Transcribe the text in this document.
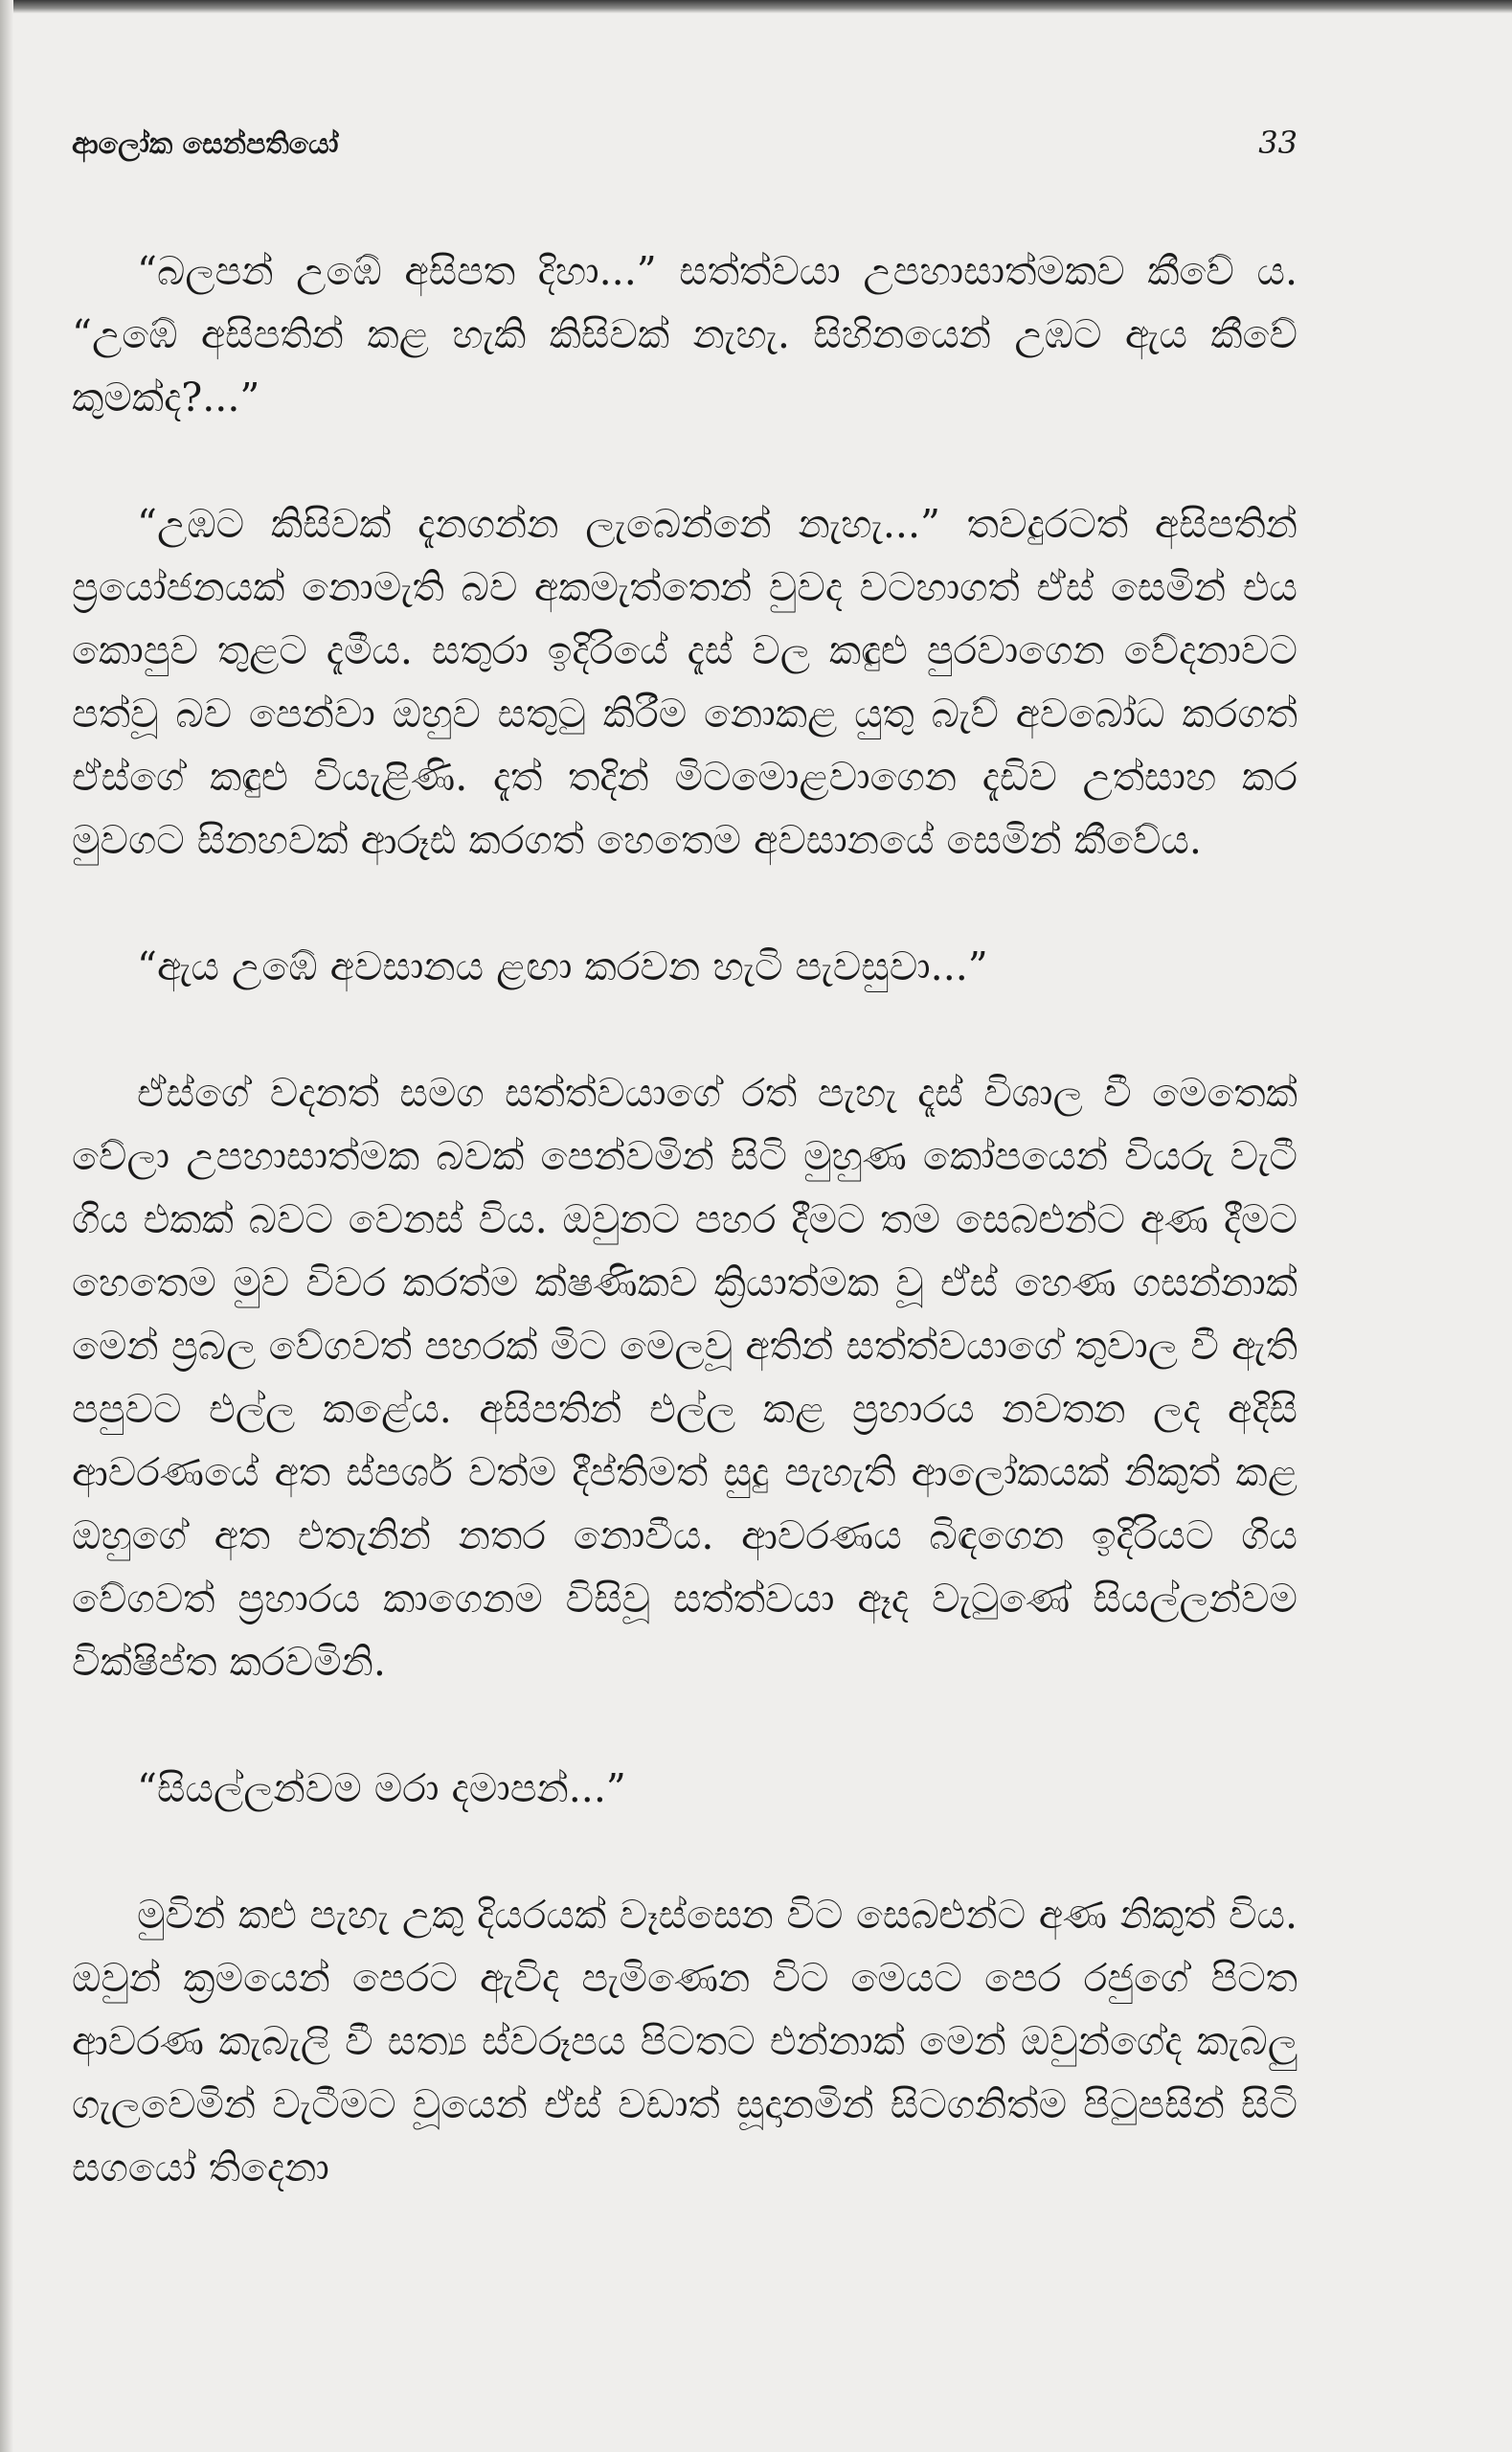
ආලෝක සෙන්පතියෝ	33

“බලපන් උඹේ අසිපත දිහා...” සත්ත්වයා උපහාසාත්මකව කීවේ ය. “උඹේ අසිපතින් කළ හැකි කිසිවක් නැහැ. සිහිනයෙන් උඹට ඇය කීවේ කුමක්ද?...”

“උඹට කිසිවක් දැනගන්න ලැබෙන්නේ නැහැ...” තවදුරටත් අසිපතින් ප්‍රයෝජනයක් නොමැති බව අකමැත්තෙන් වුවද වටහාගත් ඒස් සෙමින් එය කොපුව තුළට දැමීය. සතුරා ඉදිරියේ දැස් වල කඳුළු පුරවාගෙන වේදනාවට පත්වූ බව පෙන්වා ඔහුව සතුටු කිරීම නොකළ යුතු බැව් අවබෝධ කරගත් ඒස්ගේ කඳුළු වියැළිණි. දැත් තදින් මිටමොළවාගෙන දැඩිව උත්සාහ කර මුවගට සිනහවක් ආරූඪ කරගත් හෙතෙම අවසානයේ සෙමින් කීවේය.

“ඇය උඹේ අවසානය ළඟා කරවන හැටි පැවසුවා...”

ඒස්ගේ වදනත් සමග සත්ත්වයාගේ රත් පැහැ දෑස් විශාල වී මෙතෙක් වේලා උපහාසාත්මක බවක් පෙන්වමින් සිටි මුහුණ කෝපයෙන් වියරු වැටී ගිය එකක් බවට වෙනස් විය. ඔවුනට පහර දීමට තම සෙබළුන්ට අණ දීමට හෙතෙම මුව විවර කරත්ම ක්ෂණිකව ක්‍රියාත්මක වූ ඒස් හෙණ ගසන්නාක් මෙන් ප්‍රබල වේගවත් පහරක් මිට මෙලවූ අතින් සත්ත්වයාගේ තුවාල වී ඇති පපුවට එල්ල කළේය. අසිපතින් එල්ල කළ ප්‍රහාරය නවතන ලද අදිසි ආවරණයේ අත ස්පර්ශ වත්ම දීප්තිමත් සුදු පැහැති ආලෝකයක් නිකුත් කළ ඔහුගේ අත එතැනින් නතර නොවීය. ආවරණය බිඳගෙන ඉදිරියට ගිය වේගවත් ප්‍රහාරය කාගෙනම විසිවූ සත්ත්වයා ඈද වැටුණේ සියල්ලන්වම වික්ෂිප්ත කරවමිනි.

“සියල්ලන්වම මරා දමාපන්...”

මුවින් කළු පැහැ උකු දියරයක් වෑස්සෙන විට සෙබළුන්ට අණ නිකුත් විය. ඔවුන් ක්‍රමයෙන් පෙරට ඇවිද පැමිණෙන විට මෙයට පෙර රජුගේ පිටත ආවරණ කැබැලි වී සත්‍ය ස්වරූපය පිටතට එන්නාක් මෙන් ඔවුන්ගේද කැබලු ගැලවෙමින් වැටීමට වූයෙන් ඒස් වඩාත් සූදානමින් සිටගනිත්ම පිටුපසින් සිටි සගයෝ තිදෙනා
